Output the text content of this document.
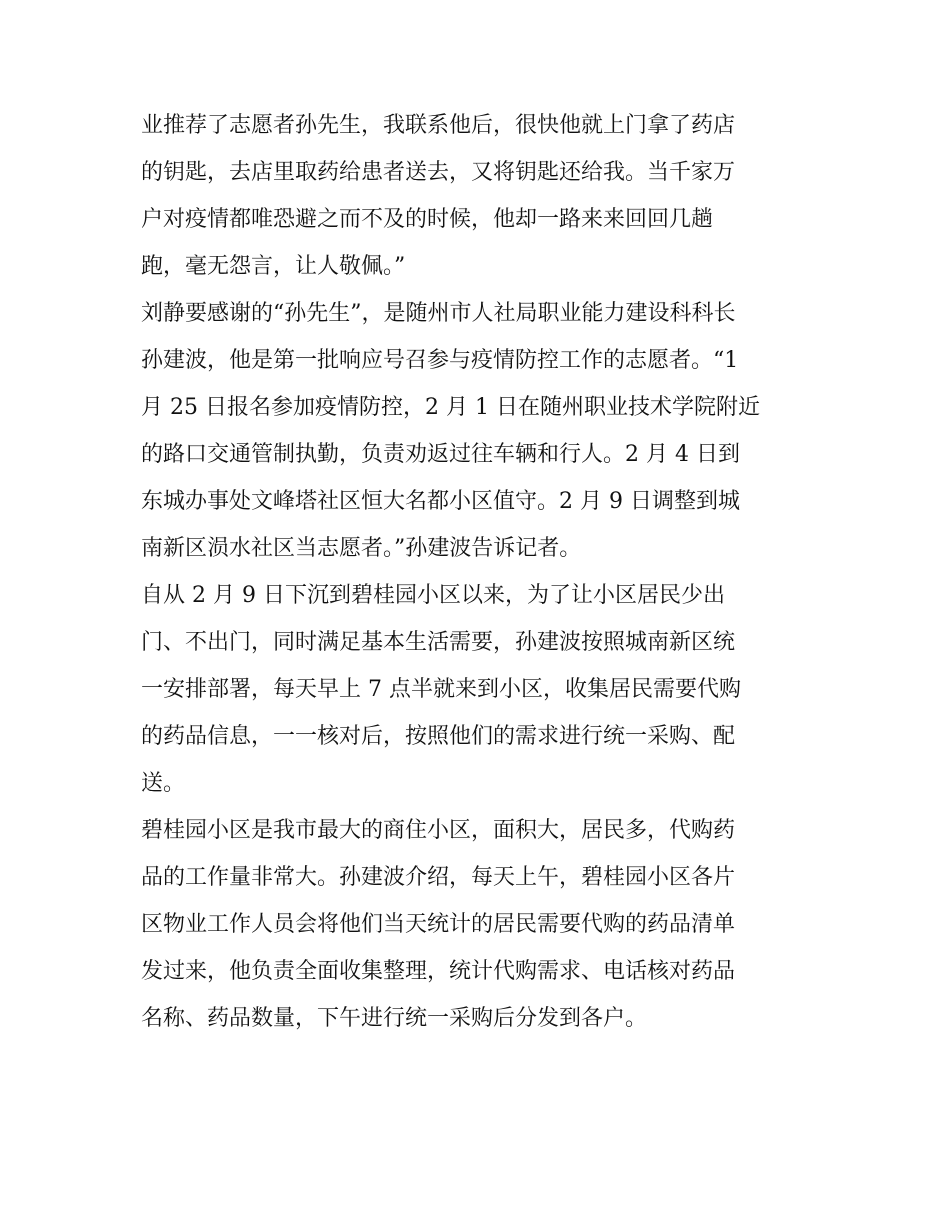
业推荐了志愿者孙先生，我联系他后，很快他就上门拿了药店
的钥匙，去店里取药给患者送去，又将钥匙还给我。当千家万
户对疫情都唯恐避之而不及的时候，他却一路来来回回几趟
跑，毫无怨言，让人敬佩。”

刘静要感谢的“孙先生”，是随州市人社局职业能力建设科科长
孙建波，他是第一批响应号召参与疫情防控工作的志愿者。“1
月 25 日报名参加疫情防控，2 月 1 日在随州职业技术学院附近
的路口交通管制执勤，负责劝返过往车辆和行人。2 月 4 日到
东城办事处文峰塔社区恒大名都小区值守。2 月 9 日调整到城
南新区涢水社区当志愿者。”孙建波告诉记者。

自从 2 月 9 日下沉到碧桂园小区以来，为了让小区居民少出
门、不出门，同时满足基本生活需要，孙建波按照城南新区统
一安排部署，每天早上 7 点半就来到小区，收集居民需要代购
的药品信息，一一核对后，按照他们的需求进行统一采购、配
送。

碧桂园小区是我市最大的商住小区，面积大，居民多，代购药
品的工作量非常大。孙建波介绍，每天上午，碧桂园小区各片
区物业工作人员会将他们当天统计的居民需要代购的药品清单
发过来，他负责全面收集整理，统计代购需求、电话核对药品
名称、药品数量，下午进行统一采购后分发到各户。
